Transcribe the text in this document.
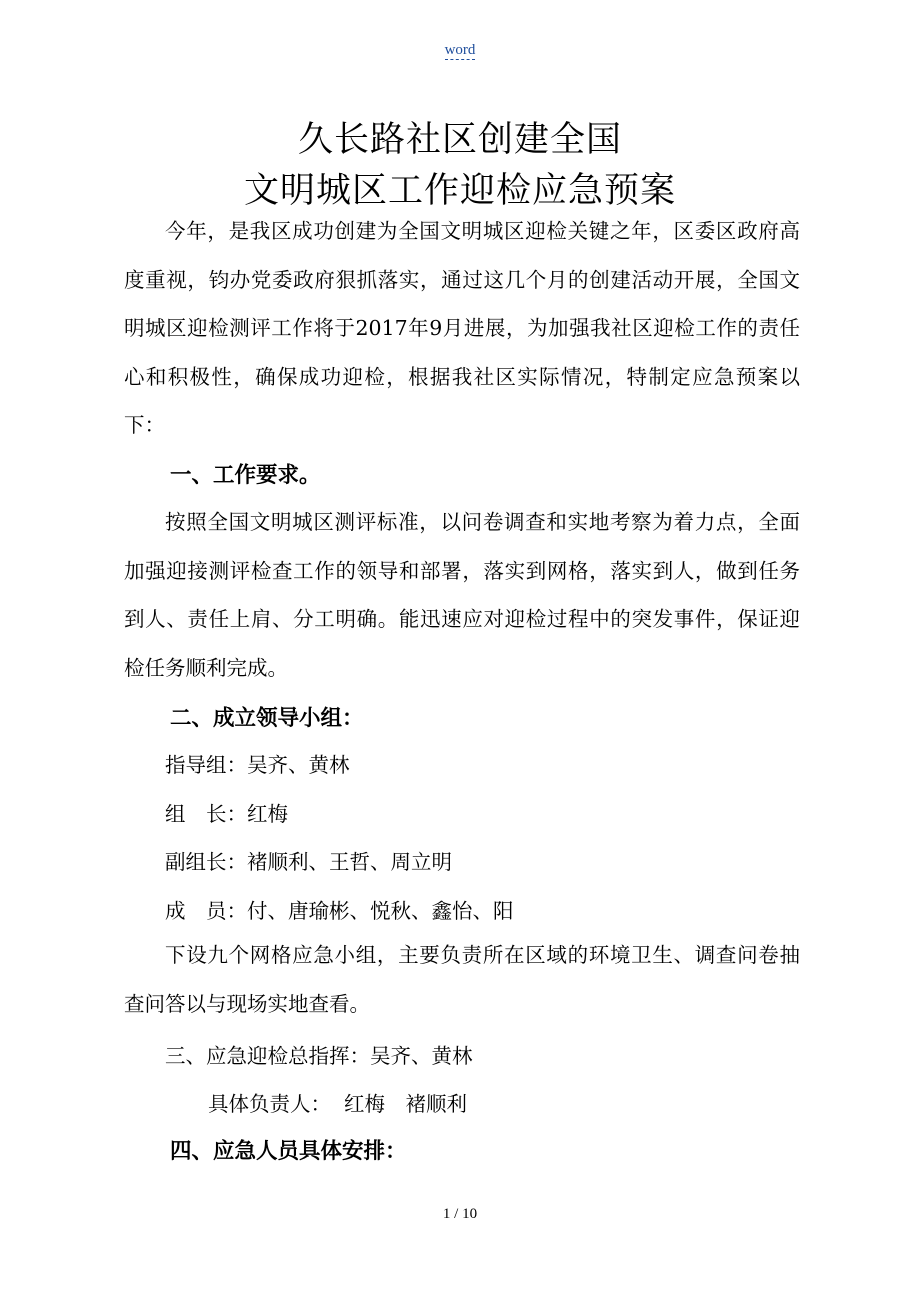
word
久长路社区创建全国
文明城区工作迎检应急预案

今年，是我区成功创建为全国文明城区迎检关键之年，区委区政府高度重视，钧办党委政府狠抓落实，通过这几个月的创建活动开展，全国文明城区迎检测评工作将于2017年9月进展，为加强我社区迎检工作的责任心和积极性，确保成功迎检，根据我社区实际情况，特制定应急预案以下：

一、工作要求。

按照全国文明城区测评标准，以问卷调查和实地考察为着力点，全面加强迎接测评检查工作的领导和部署，落实到网格，落实到人，做到任务到人、责任上肩、分工明确。能迅速应对迎检过程中的突发事件，保证迎检任务顺利完成。

二、成立领导小组：
指导组：吴齐、黄林
组　长：红梅
副组长：褚顺利、王哲、周立明
成　员：付、唐瑜彬、悦秋、鑫怡、阳

下设九个网格应急小组，主要负责所在区域的环境卫生、调查问卷抽查问答以与现场实地查看。

三、应急迎检总指挥：吴齐、黄林
具体负责人：  红梅　褚顺利
四、应急人员具体安排：
1 / 10
